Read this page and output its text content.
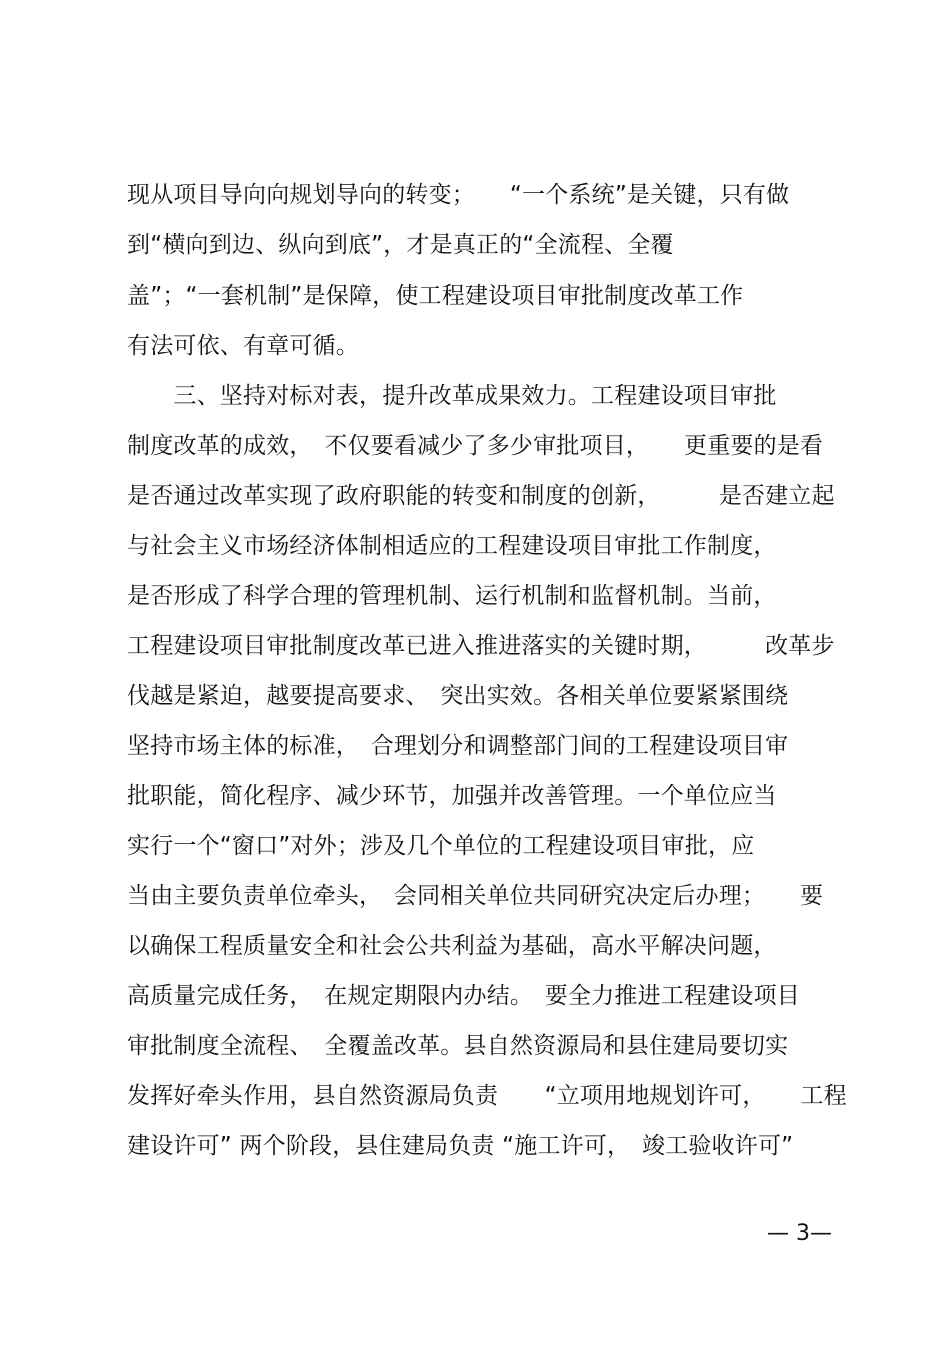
现从项目导向向规划导向的转变；　　“一个系统”是关键，只有做
到“横向到边、纵向到底”，才是真正的“全流程、全覆
盖”；“一套机制”是保障，使工程建设项目审批制度改革工作
有法可依、有章可循。
　　三、坚持对标对表，提升改革成果效力。工程建设项目审批
制度改革的成效，　不仅要看减少了多少审批项目，　　更重要的是看
是否通过改革实现了政府职能的转变和制度的创新，　　　是否建立起
与社会主义市场经济体制相适应的工程建设项目审批工作制度，
是否形成了科学合理的管理机制、运行机制和监督机制。当前，
工程建设项目审批制度改革已进入推进落实的关键时期，　　　改革步
伐越是紧迫，越要提高要求、　突出实效。各相关单位要紧紧围绕
坚持市场主体的标准，　合理划分和调整部门间的工程建设项目审
批职能，简化程序、减少环节，加强并改善管理。一个单位应当
实行一个“窗口”对外；涉及几个单位的工程建设项目审批，应
当由主要负责单位牵头，　会同相关单位共同研究决定后办理；　　要
以确保工程质量安全和社会公共利益为基础，高水平解决问题，
高质量完成任务，　在规定期限内办结。　要全力推进工程建设项目
审批制度全流程、　全覆盖改革。县自然资源局和县住建局要切实
发挥好牵头作用，县自然资源局负责　　“立项用地规划许可，　　工程
建设许可” 两个阶段，县住建局负责 “施工许可，　竣工验收许可”
— 3—
